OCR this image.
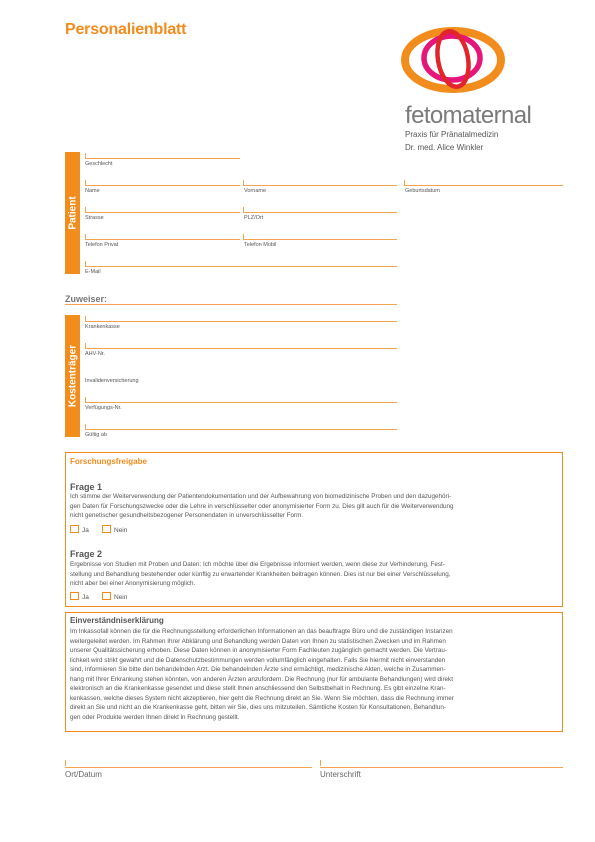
Personalienblatt
fetomaternal
Praxis für Pränatalmedizin
Dr. med. Alice Winkler
Patient
Geschlecht
Name	Vorname	Geburtsdatum
Strasse	PLZ/Ort
Telefon Privat	Telefon Mobil
E-Mail
Zuweiser:
Kostenträger
Krankenkasse
AHV-Nr.
Invalidenversicherung
Verfügungs-Nr.
Gültig ab
Forschungsfreigabe
Frage 1
Ich stimme der Weiterverwendung der Patientendokumentation und der Aufbewahrung von biomedizinische Proben und den dazugehöri-
gen Daten für Forschungszwecke oder die Lehre in verschlüsselter oder anonymisierter Form zu. Dies gilt auch für die Weiterverwendung
nicht genetischer gesundheitsbezogener Personendaten in unverschlüsselter Form.
Ja	Nein
Frage 2
Ergebnisse von Studien mit Proben und Daten: Ich möchte über die Ergebnisse informiert werden, wenn diese zur Verhinderung, Fest-
stellung und Behandlung bestehender oder künftig zu erwartender Krankheiten beitragen können. Dies ist nur bei einer Verschlüsselung,
nicht aber bei einer Anonymisierung möglich.
Ja	Nein
Einverständniserklärung
Im Inkassofall können die für die Rechnungsstellung erforderlichen Informationen an das beauftragte Büro und die zuständigen Instanzen
weitergeleitet werden. Im Rahmen Ihrer Abklärung und Behandlung werden Daten von Ihnen zu statistischen Zwecken und im Rahmen
unserer Qualitätssicherung erhoben. Diese Daten können in anonymisierter Form Fachleuten zugänglich gemacht werden. Die Vertrau-
lichkeit wird strikt gewahrt und die Datenschutzbestimmungen werden vollumfänglich eingehalten. Falls Sie hiermit nicht einverstanden
sind, informieren Sie bitte den behandelnden Arzt. Die behandelnden Ärzte sind ermächtigt, medizinische Akten, welche in Zusammen-
hang mit Ihrer Erkrankung stehen könnten, von anderen Ärzten anzufordern. Die Rechnung (nur für ambulante Behandlungen) wird direkt
elektronisch an die Krankenkasse gesendet und diese stellt Ihnen anschliessend den Selbstbehalt in Rechnung. Es gibt einzelne Kran-
kenkassen, welche dieses System nicht akzeptieren, hier geht die Rechnung direkt an Sie. Wenn Sie möchten, dass die Rechnung immer
direkt an Sie und nicht an die Krankenkasse geht, bitten wir Sie, dies uns mitzuteilen. Sämtliche Kosten für Konsultationen, Behandlun-
gen oder Produkte werden Ihnen direkt in Rechnung gestellt.
Ort/Datum	Unterschrift
